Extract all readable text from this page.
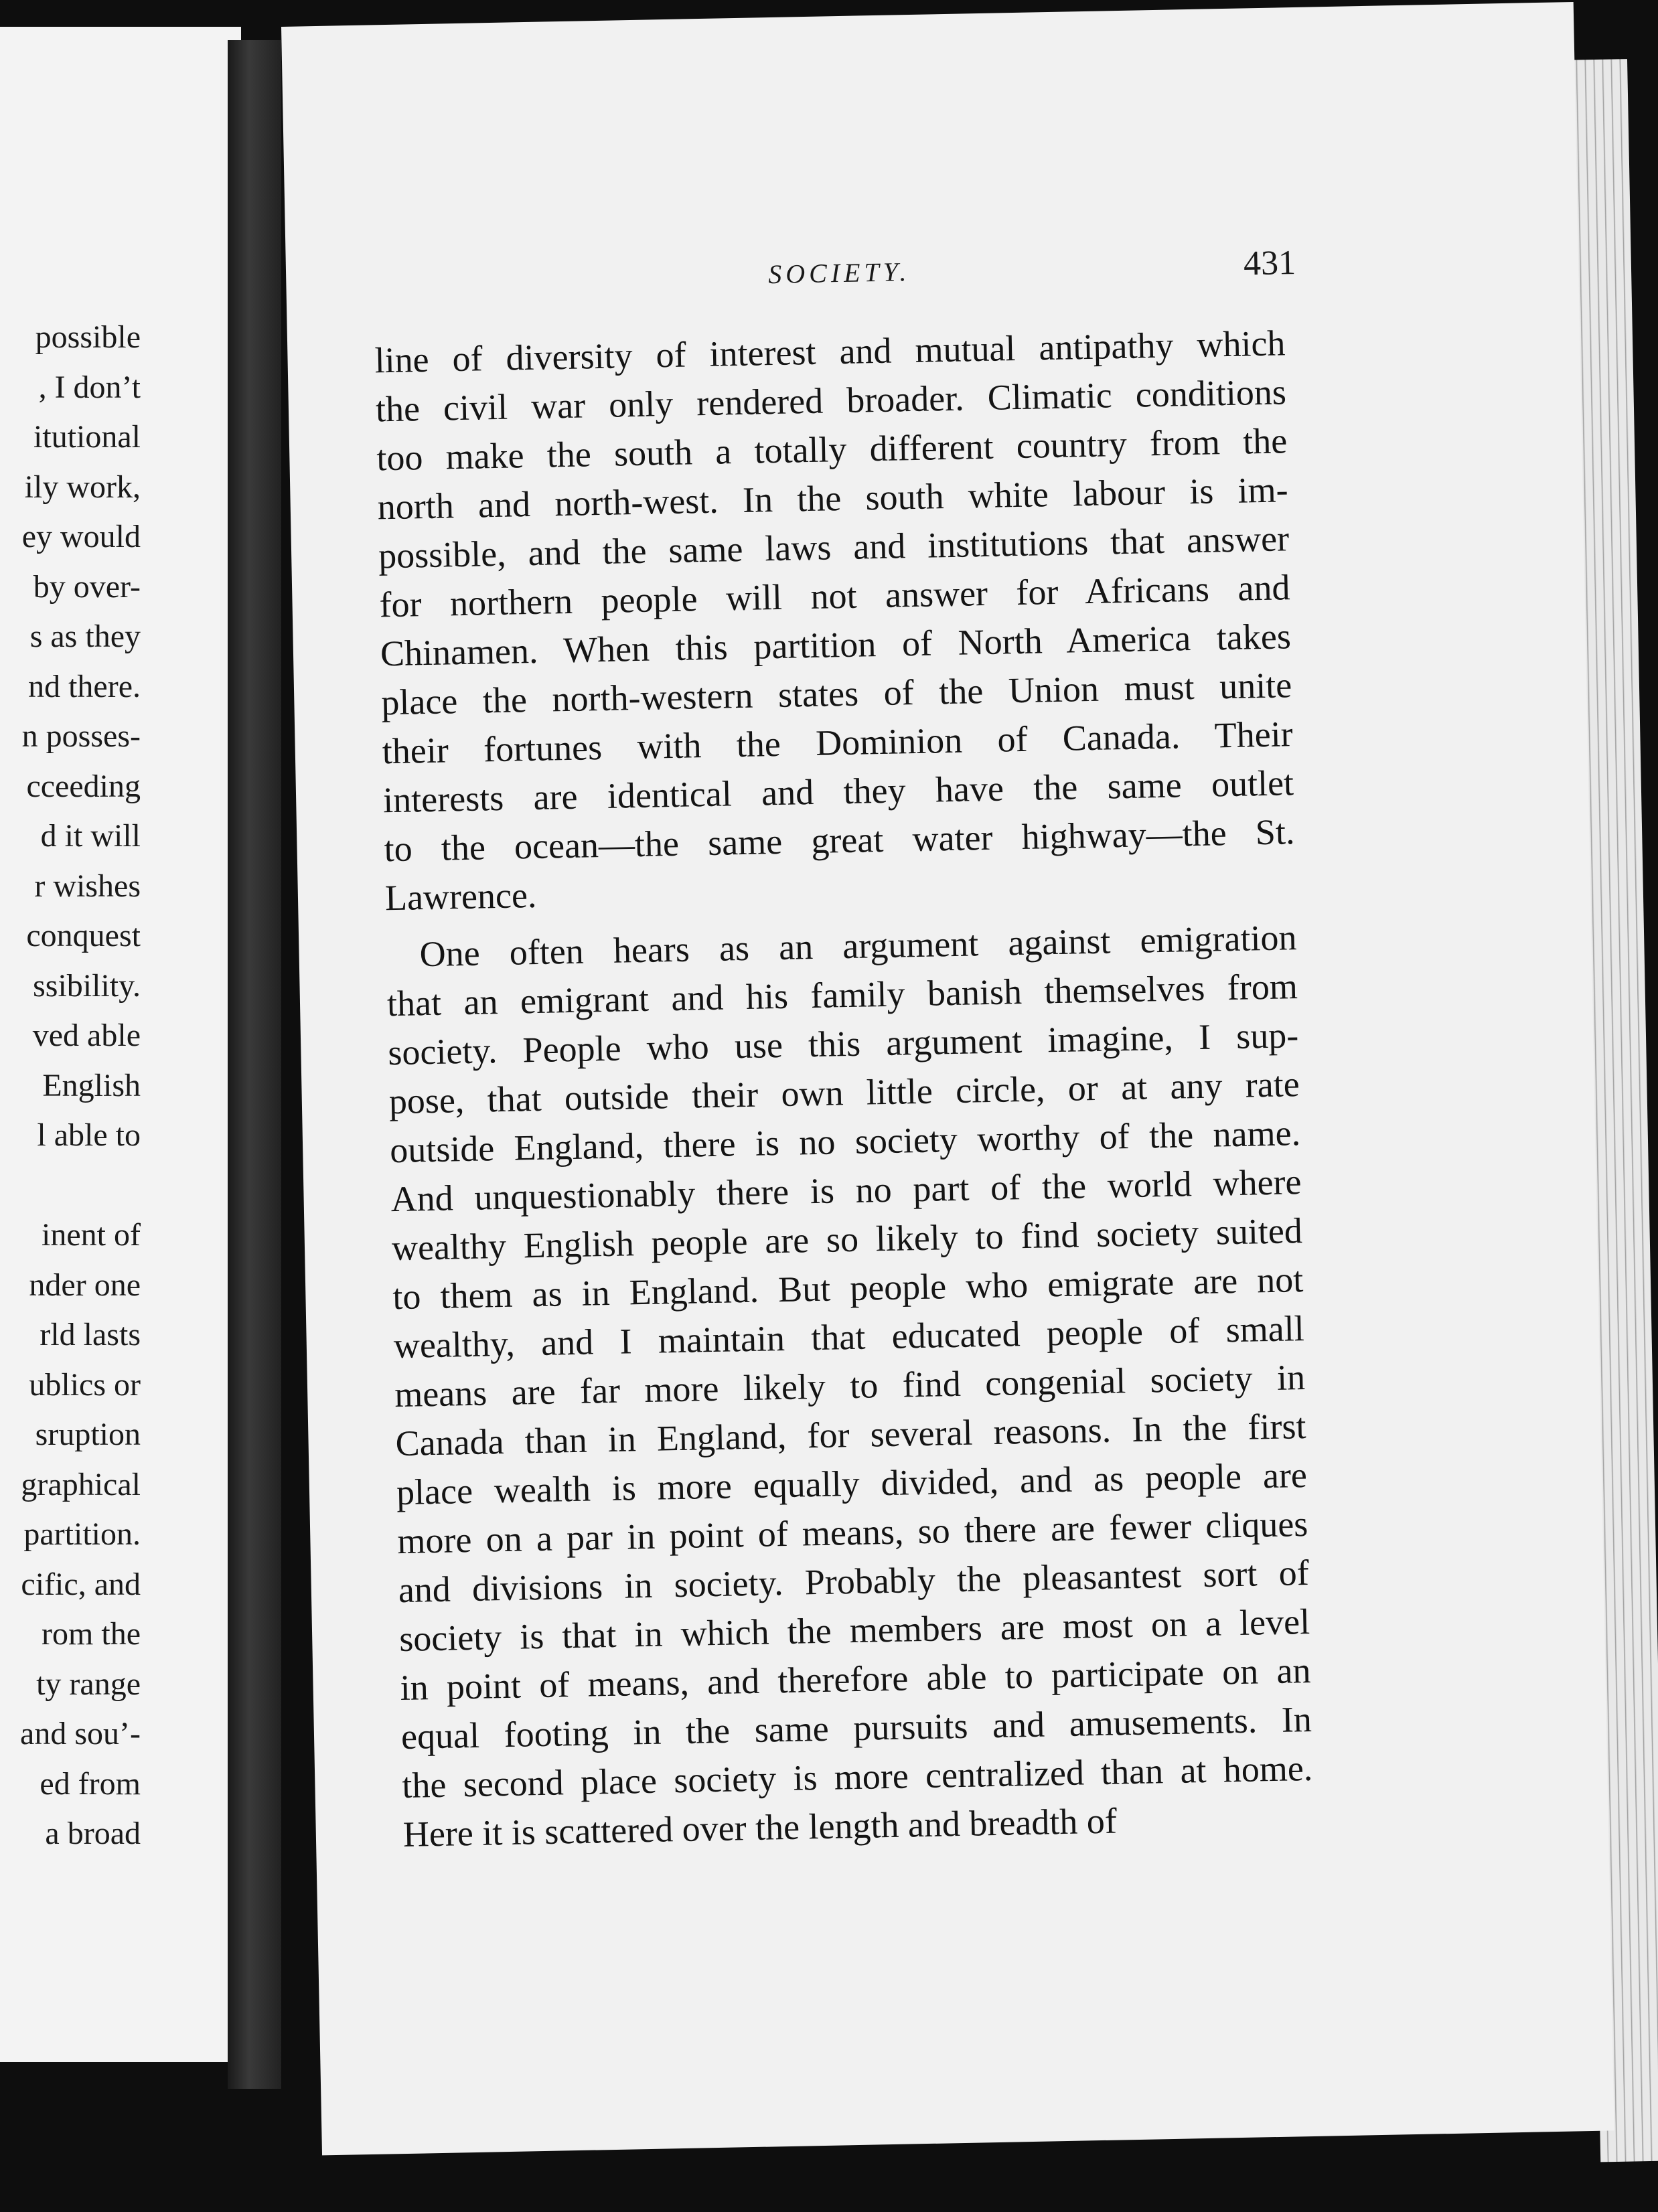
possible
, I don’t
itutional
ily work,
ey would
by over-
s as they
nd there.
n posses-
cceeding
d it will
r wishes
conquest
ssibility.
ved able
English
l able to
inent of
nder one
rld lasts
ublics or
sruption
graphical
partition.
cific, and
rom the
ty range
and sou’-
ed from
a broad
SOCIETY.	431
line of diversity of interest and mutual antipathy which
the civil war only rendered broader. Climatic conditions
too make the south a totally different country from the
north and north-west. In the south white labour is im-
possible, and the same laws and institutions that answer
for northern people will not answer for Africans and
Chinamen. When this partition of North America takes
place the north-western states of the Union must unite
their fortunes with the Dominion of Canada. Their
interests are identical and they have the same outlet
to the ocean—the same great water highway—the St.
Lawrence.
One often hears as an argument against emigration
that an emigrant and his family banish themselves from
society. People who use this argument imagine, I sup-
pose, that outside their own little circle, or at any rate
outside England, there is no society worthy of the name.
And unquestionably there is no part of the world where
wealthy English people are so likely to find society suited
to them as in England. But people who emigrate are not
wealthy, and I maintain that educated people of small
means are far more likely to find congenial society in
Canada than in England, for several reasons. In the first
place wealth is more equally divided, and as people are
more on a par in point of means, so there are fewer cliques
and divisions in society. Probably the pleasantest sort of
society is that in which the members are most on a level
in point of means, and therefore able to participate on an
equal footing in the same pursuits and amusements. In
the second place society is more centralized than at home.
Here it is scattered over the length and breadth of
